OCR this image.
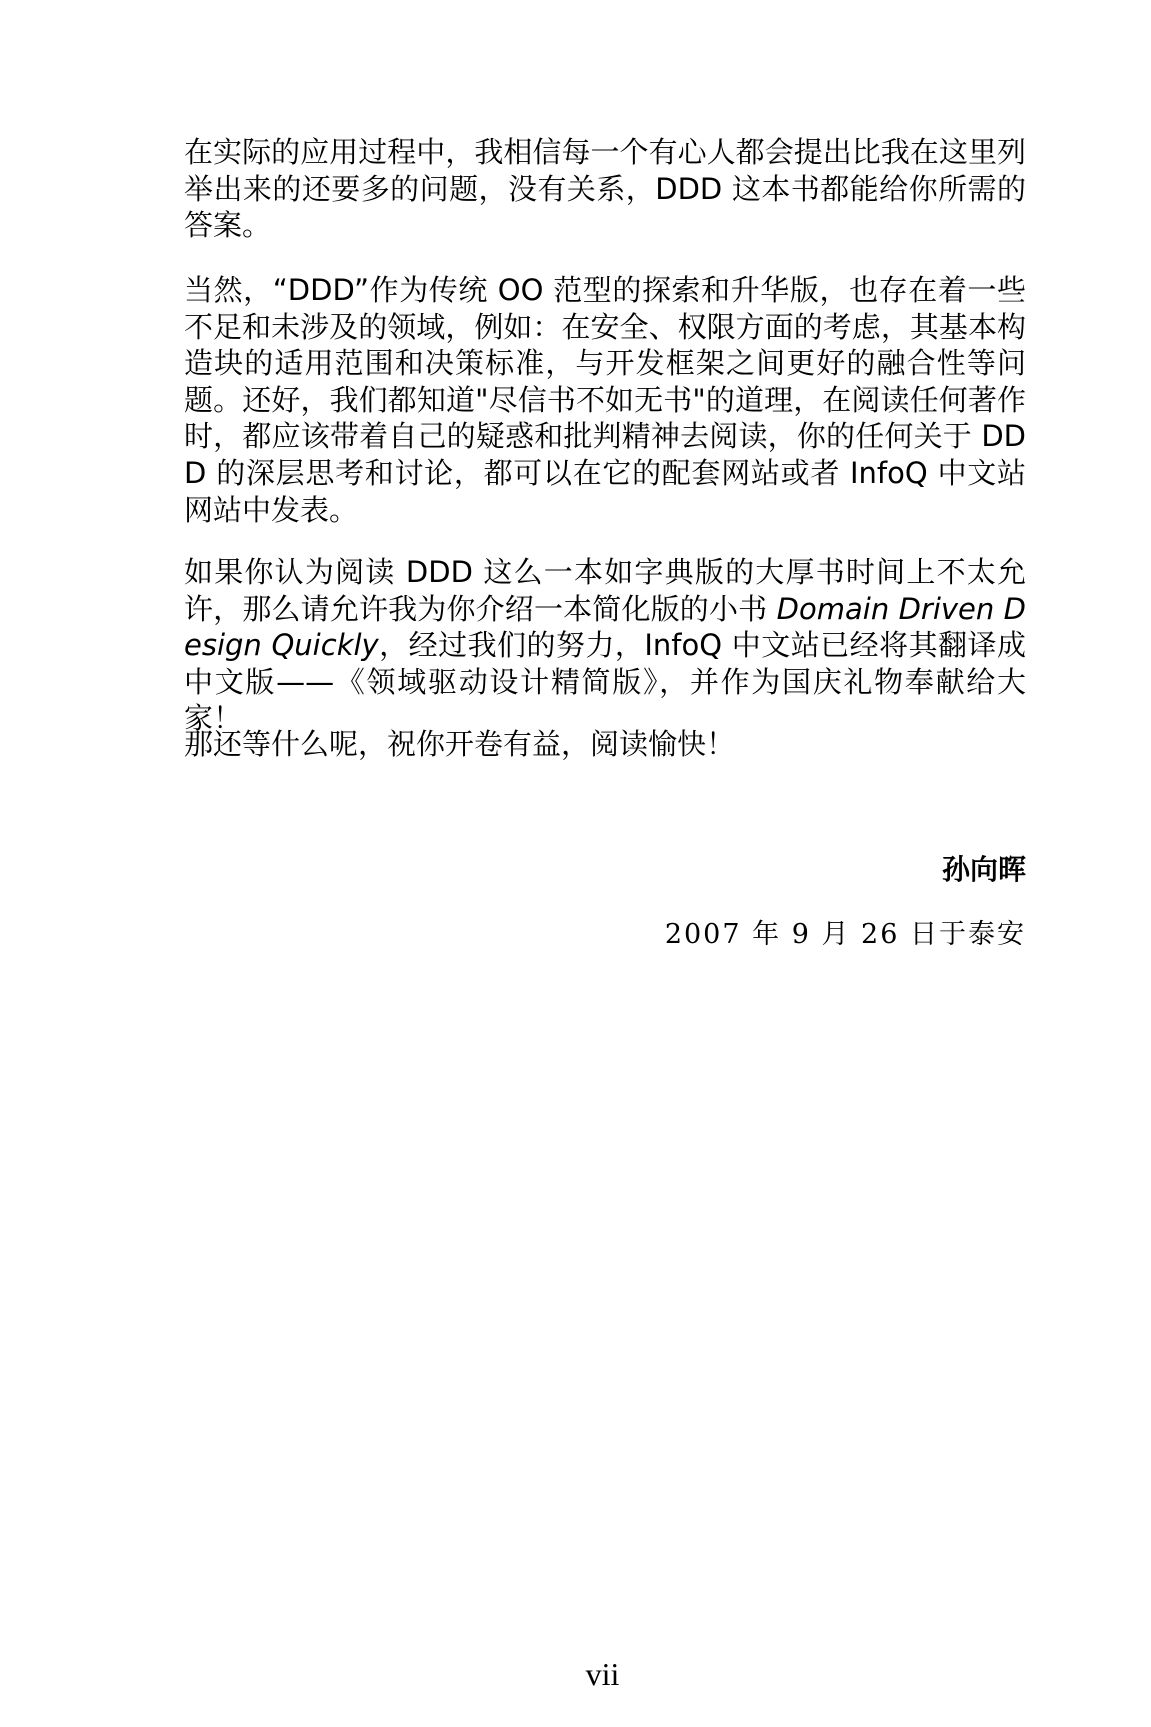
在实际的应用过程中，我相信每一个有心人都会提出比我在这里列举出来的还要多的问题，没有关系，DDD 这本书都能给你所需的答案。
当然，“DDD”作为传统 OO 范型的探索和升华版，也存在着一些不足和未涉及的领域，例如：在安全、权限方面的考虑，其基本构造块的适用范围和决策标准，与开发框架之间更好的融合性等问题。还好，我们都知道"尽信书不如无书"的道理，在阅读任何著作时，都应该带着自己的疑惑和批判精神去阅读，你的任何关于 DDD 的深层思考和讨论，都可以在它的配套网站或者 InfoQ 中文站网站中发表。
如果你认为阅读 DDD 这么一本如字典版的大厚书时间上不太允许，那么请允许我为你介绍一本简化版的小书 Domain Driven Design Quickly，经过我们的努力，InfoQ 中文站已经将其翻译成中文版——《领域驱动设计精简版》，并作为国庆礼物奉献给大家！
那还等什么呢，祝你开卷有益，阅读愉快！
孙向晖
2007 年 9 月 26 日于泰安
vii
